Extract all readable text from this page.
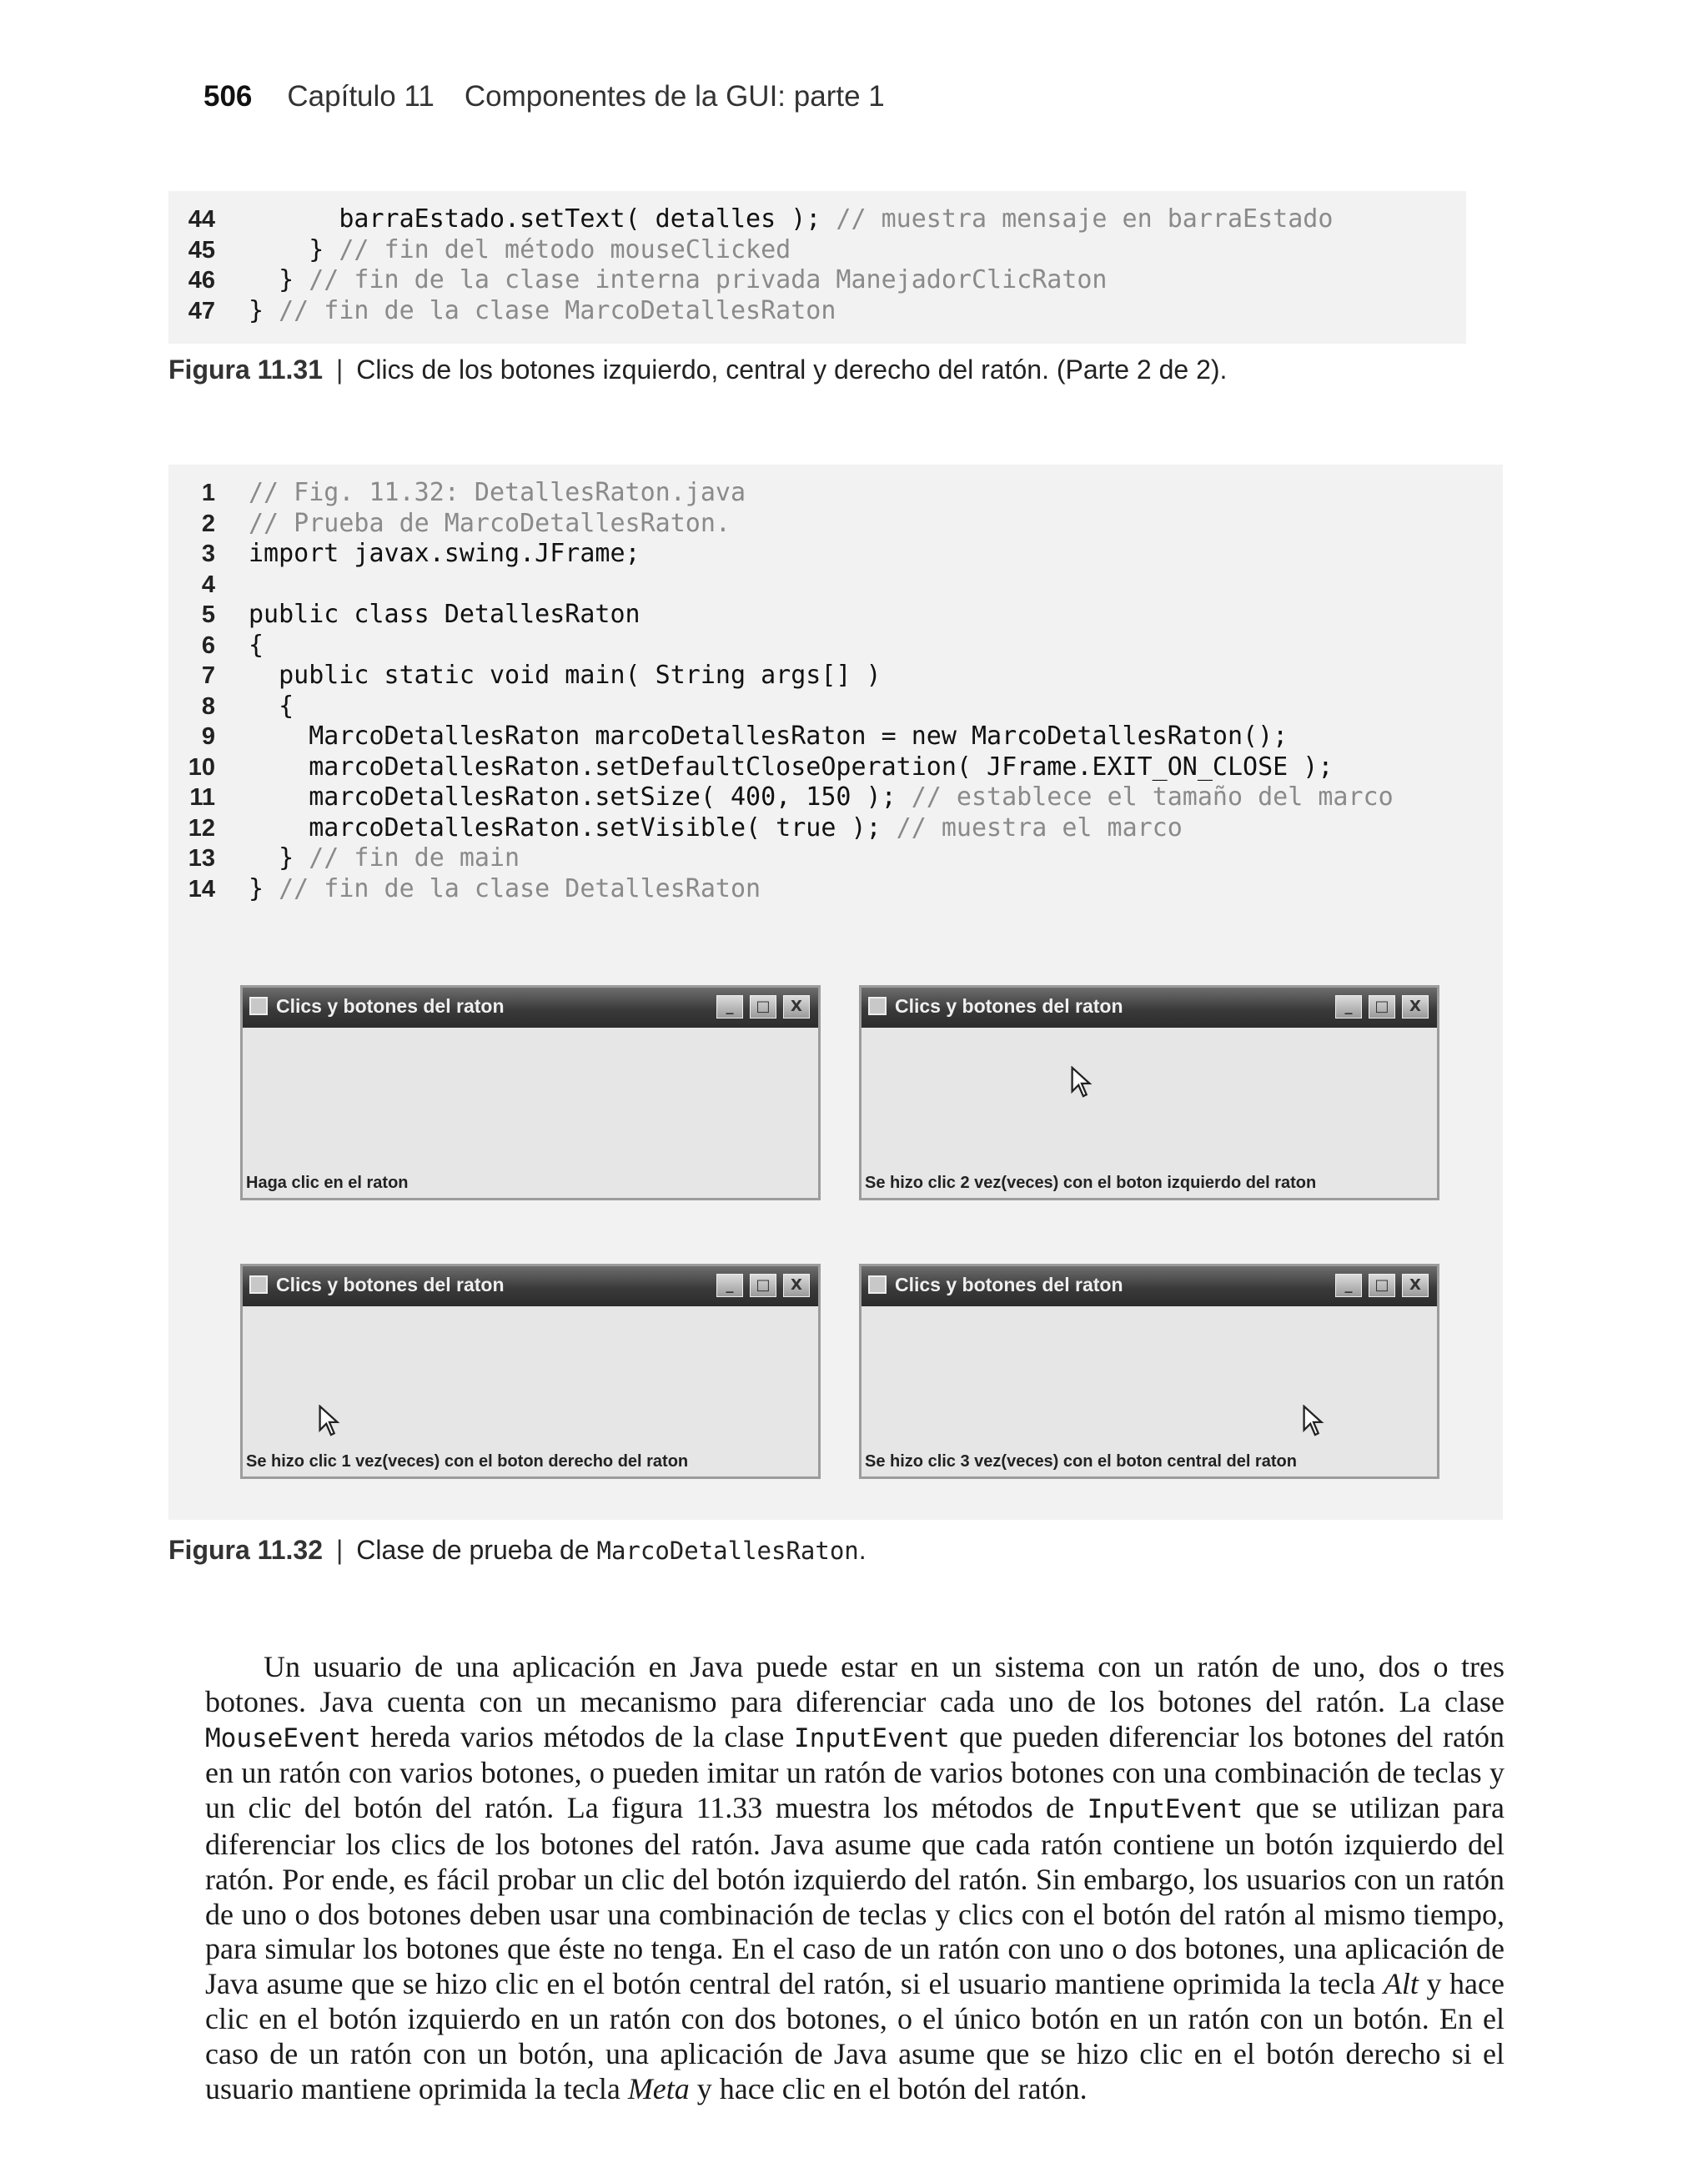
506 Capítulo 11 Componentes de la GUI: parte 1
44	barraEstado.setText( detalles ); // muestra mensaje en barraEstado
45	} // fin del método mouseClicked
46	} // fin de la clase interna privada ManejadorClicRaton
47 } // fin de la clase MarcoDetallesRaton
Figura 11.31 | Clics de los botones izquierdo, central y derecho del ratón. (Parte 2 de 2).
1 // Fig. 11.32: DetallesRaton.java
2 // Prueba de MarcoDetallesRaton.
3 import javax.swing.JFrame;
4
5 public class DetallesRaton
6 {
7	public static void main( String args[] )
8	{
9	MarcoDetallesRaton marcoDetallesRaton = new MarcoDetallesRaton();
10	marcoDetallesRaton.setDefaultCloseOperation( JFrame.EXIT_ON_CLOSE );
11	marcoDetallesRaton.setSize( 400, 150 ); // establece el tamaño del marco
12	marcoDetallesRaton.setVisible( true ); // muestra el marco
13	} // fin de main
14 } // fin de la clase DetallesRaton
Clics y botones del raton	_	□	X
Haga clic en el raton
Clics y botones del raton	_	□	X
Se hizo clic 2 vez(veces) con el boton izquierdo del raton
Clics y botones del raton	_	□	X
Se hizo clic 1 vez(veces) con el boton derecho del raton
Clics y botones del raton	_	□	X
Se hizo clic 3 vez(veces) con el boton central del raton
Figura 11.32 | Clase de prueba de MarcoDetallesRaton.

Un usuario de una aplicación en Java puede estar en un sistema con un ratón de uno, dos o tres botones. Java cuenta con un mecanismo para diferenciar cada uno de los botones del ratón. La clase MouseEvent hereda varios métodos de la clase InputEvent que pueden diferenciar los botones del ratón en un ratón con varios botones, o pueden imitar un ratón de varios botones con una combinación de teclas y un clic del botón del ratón. La figura 11.33 muestra los métodos de InputEvent que se utilizan para diferenciar los clics de los botones del ratón. Java asume que cada ratón contiene un botón izquierdo del ratón. Por ende, es fácil probar un clic del botón izquierdo del ratón. Sin embargo, los usuarios con un ratón de uno o dos botones deben usar una combinación de teclas y clics con el botón del ratón al mismo tiempo, para simular los botones que éste no tenga. En el caso de un ratón con uno o dos botones, una aplicación de Java asume que se hizo clic en el botón central del ratón, si el usuario mantiene oprimida la tecla Alt y hace clic en el botón izquierdo en un ratón con dos botones, o el único botón en un ratón con un botón. En el caso de un ratón con un botón, una aplicación de Java asume que se hizo clic en el botón derecho si el usuario mantiene oprimida la tecla Meta y hace clic en el botón del ratón.
